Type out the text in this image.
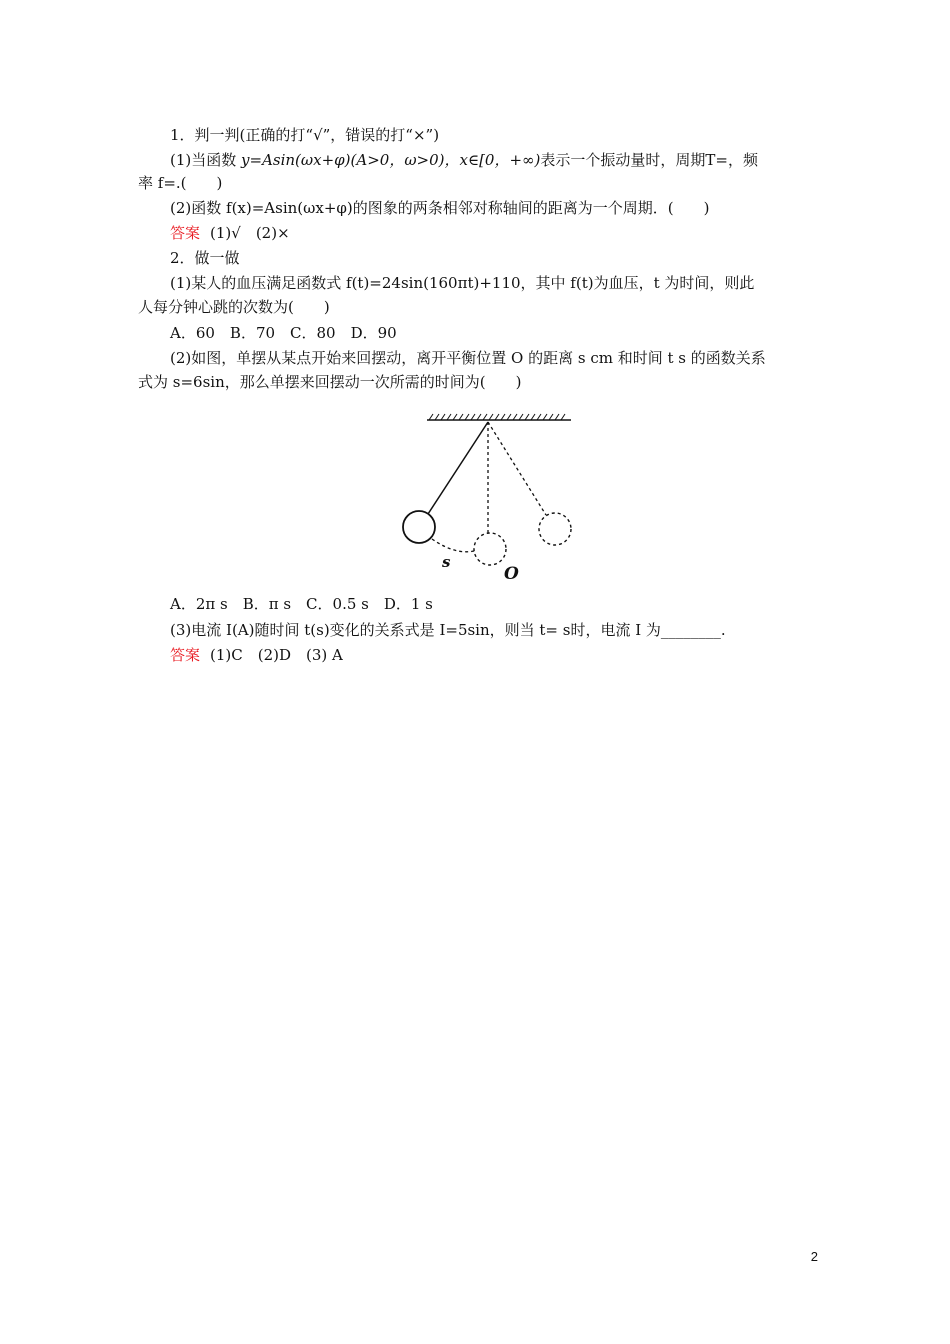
1．判一判(正确的打“√”，错误的打“×”)
(1)当函数 y=Asin(ωx+φ)(A>0，ω>0)，x∈[0，+∞)表示一个振动量时，周期T=，频
率 f=.(　　)
(2)函数 f(x)=Asin(ωx+φ)的图象的两条相邻对称轴间的距离为一个周期．(　　)
答案 (1)√　(2)×
2．做一做
(1)某人的血压满足函数式 f(t)=24sin(160πt)+110，其中 f(t)为血压，t 为时间，则此
人每分钟心跳的次数为(　　)
A．60　B．70　C．80　D．90
(2)如图，单摆从某点开始来回摆动，离开平衡位置 O 的距离 s cm 和时间 t s 的函数关系
式为 s=6sin，那么单摆来回摆动一次所需的时间为(　　)
s
O
A．2π s　B．π s　C．0.5 s　D．1 s
(3)电流 I(A)随时间 t(s)变化的关系式是 I=5sin，则当 t= s时，电流 I 为________.
答案 (1)C　(2)D　(3) A
2
